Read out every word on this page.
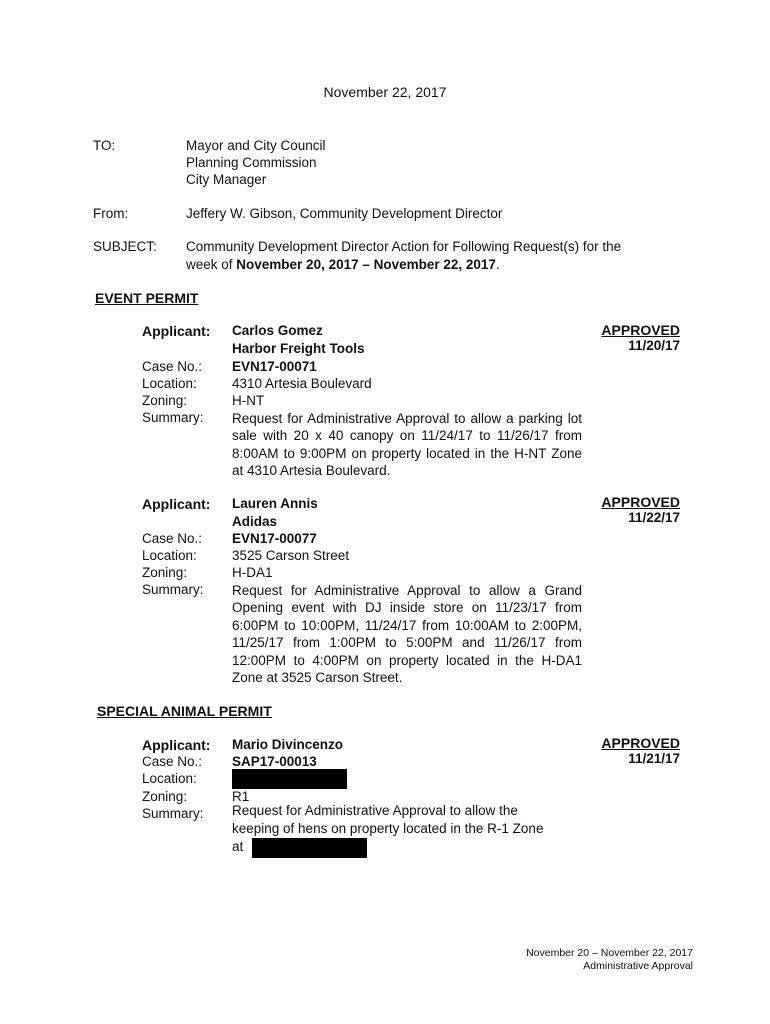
November 22, 2017
TO:	Mayor and City Council
Planning Commission
City Manager
From:	Jeffery W. Gibson, Community Development Director
SUBJECT: Community Development Director Action for Following Request(s) for the
week of November 20, 2017 – November 22, 2017.
EVENT PERMIT
Applicant: Carlos Gomez
Harbor Freight Tools
Case No.: EVN17-00071
Location:	4310 Artesia Boulevard
Zoning:	H-NT
Summary: Request for Administrative Approval to allow a parking lot sale with 20 x 40 canopy on 11/24/17 to 11/26/17 from 8:00AM to 9:00PM on property located in the H-NT Zone at 4310 Artesia Boulevard.
APPROVED
11/20/17
Applicant: Lauren Annis
Adidas
Case No.: EVN17-00077
Location:	3525 Carson Street
Zoning:	H-DA1
Summary: Request for Administrative Approval to allow a Grand Opening event with DJ inside store on 11/23/17 from 6:00PM to 10:00PM, 11/24/17 from 10:00AM to 2:00PM, 11/25/17 from 1:00PM to 5:00PM and 11/26/17 from 12:00PM to 4:00PM on property located in the H-DA1 Zone at 3525 Carson Street.
APPROVED
11/22/17
SPECIAL ANIMAL PERMIT
Applicant: Mario Divincenzo
Case No.: SAP17-00013
Location:
Zoning:	R1
Summary: Request for Administrative Approval to allow the
keeping of hens on property located in the R-1 Zone
at
APPROVED
11/21/17
November 20 – November 22, 2017
Administrative Approval
